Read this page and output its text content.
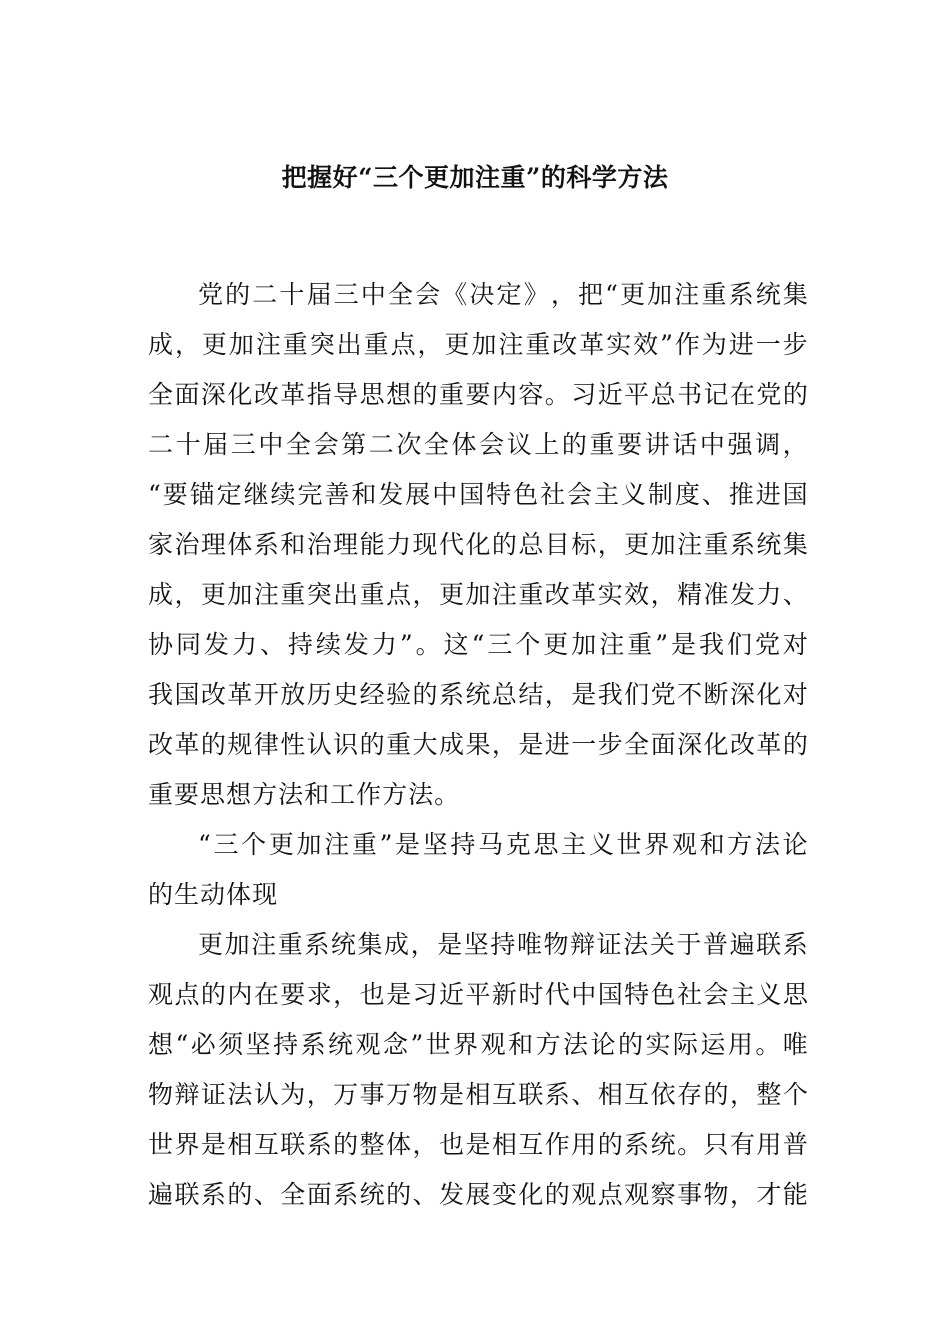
把握好“三个更加注重”的科学方法
党 的 二 十 届 三 中 全 会 《 决 定 》 ， 把 “ 更 加 注 重 系 统 集
成 ， 更 加 注 重 突 出 重 点 ， 更 加 注 重 改 革 实 效 ” 作 为 进 一 步
全 面 深 化 改 革 指 导 思 想 的 重 要 内 容 。 习 近 平 总 书 记 在 党 的
二 十 届 三 中 全 会 第 二 次 全 体 会 议 上 的 重 要 讲 话 中 强 调 ，
“ 要 锚 定 继 续 完 善 和 发 展 中 国 特 色 社 会 主 义 制 度 、 推 进 国
家 治 理 体 系 和 治 理 能 力 现 代 化 的 总 目 标 ， 更 加 注 重 系 统 集
成 ， 更 加 注 重 突 出 重 点 ， 更 加 注 重 改 革 实 效 ， 精 准 发 力 、
协 同 发 力 、 持 续 发 力 ” 。 这 “ 三 个 更 加 注 重 ” 是 我 们 党 对
我 国 改 革 开 放 历 史 经 验 的 系 统 总 结 ， 是 我 们 党 不 断 深 化 对
改 革 的 规 律 性 认 识 的 重 大 成 果 ， 是 进 一 步 全 面 深 化 改 革 的
重 要 思 想 方 法 和 工 作 方 法 。
“ 三 个 更 加 注 重 ” 是 坚 持 马 克 思 主 义 世 界 观 和 方 法 论
的 生 动 体 现
更 加 注 重 系 统 集 成 ， 是 坚 持 唯 物 辩 证 法 关 于 普 遍 联 系
观 点 的 内 在 要 求 ， 也 是 习 近 平 新 时 代 中 国 特 色 社 会 主 义 思
想 “ 必 须 坚 持 系 统 观 念 ” 世 界 观 和 方 法 论 的 实 际 运 用 。 唯
物 辩 证 法 认 为 ， 万 事 万 物 是 相 互 联 系 、 相 互 依 存 的 ， 整 个
世 界 是 相 互 联 系 的 整 体 ， 也 是 相 互 作 用 的 系 统 。 只 有 用 普
遍 联 系 的 、 全 面 系 统 的 、 发 展 变 化 的 观 点 观 察 事 物 ， 才 能
